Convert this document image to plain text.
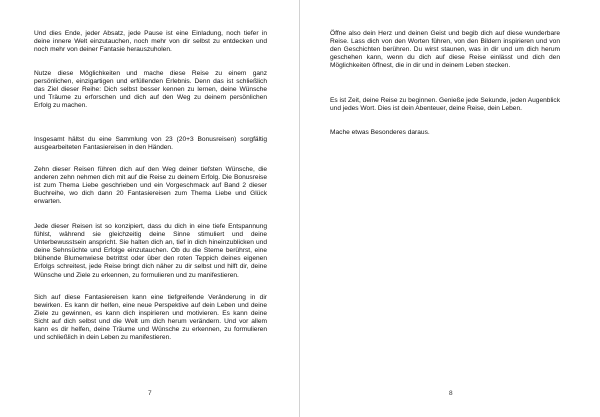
Und dies Ende, jeder Absatz, jede Pause ist eine Einladung, noch tiefer in deine innere Welt einzutauchen, noch mehr von dir selbst zu entdecken und noch mehr von deiner Fantasie herauszuholen.

Nutze diese Möglichkeiten und mache diese Reise zu einem ganz persönlichen, einzigartigen und erfüllenden Erlebnis. Denn das ist schließlich das Ziel dieser Reihe: Dich selbst besser kennen zu lernen, deine Wünsche und Träume zu erforschen und dich auf den Weg zu deinem persönlichen Erfolg zu machen.

Insgesamt hältst du eine Sammlung von 23 (20+3 Bonusreisen) sorgfältig ausgearbeiteten Fantasiereisen in den Händen.

Zehn dieser Reisen führen dich auf den Weg deiner tiefsten Wünsche, die anderen zehn nehmen dich mit auf die Reise zu deinem Erfolg. Die Bonusreise ist zum Thema Liebe geschrieben und ein Vorgeschmack auf Band 2 dieser Buchreihe, wo dich dann 20 Fantasiereisen zum Thema Liebe und Glück erwarten.

Jede dieser Reisen ist so konzipiert, dass du dich in eine tiefe Entspannung fühlst, während sie gleichzeitig deine Sinne stimuliert und deine Unterbewusstsein anspricht. Sie halten dich an, tief in dich hineinzublicken und deine Sehnsüchte und Erfolge einzutauchen. Ob du die Sterne berührst, eine blühende Blumenwiese betrittst oder über den roten Teppich deines eigenen Erfolgs schreitest, jede Reise bringt dich näher zu dir selbst und hilft dir, deine Wünsche und Ziele zu erkennen, zu formulieren und zu manifestieren.

Sich auf diese Fantasiereisen kann eine tiefgreifende Veränderung in dir bewirken. Es kann dir helfen, eine neue Perspektive auf dein Leben und deine Ziele zu gewinnen, es kann dich inspirieren und motivieren. Es kann deine Sicht auf dich selbst und die Welt um dich herum verändern. Und vor allem kann es dir helfen, deine Träume und Wünsche zu erkennen, zu formulieren und schließlich in dein Leben zu manifestieren.

7

Öffne also dein Herz und deinen Geist und begib dich auf diese wunderbare Reise. Lass dich von den Worten führen, von den Bildern inspirieren und von den Geschichten berühren. Du wirst staunen, was in dir und um dich herum geschehen kann, wenn du dich auf diese Reise einlässt und dich den Möglichkeiten öffnest, die in dir und in deinem Leben stecken.

Es ist Zeit, deine Reise zu beginnen. Genieße jede Sekunde, jeden Augenblick und jedes Wort. Dies ist dein Abenteuer, deine Reise, dein Leben.

Mache etwas Besonderes daraus.

8
